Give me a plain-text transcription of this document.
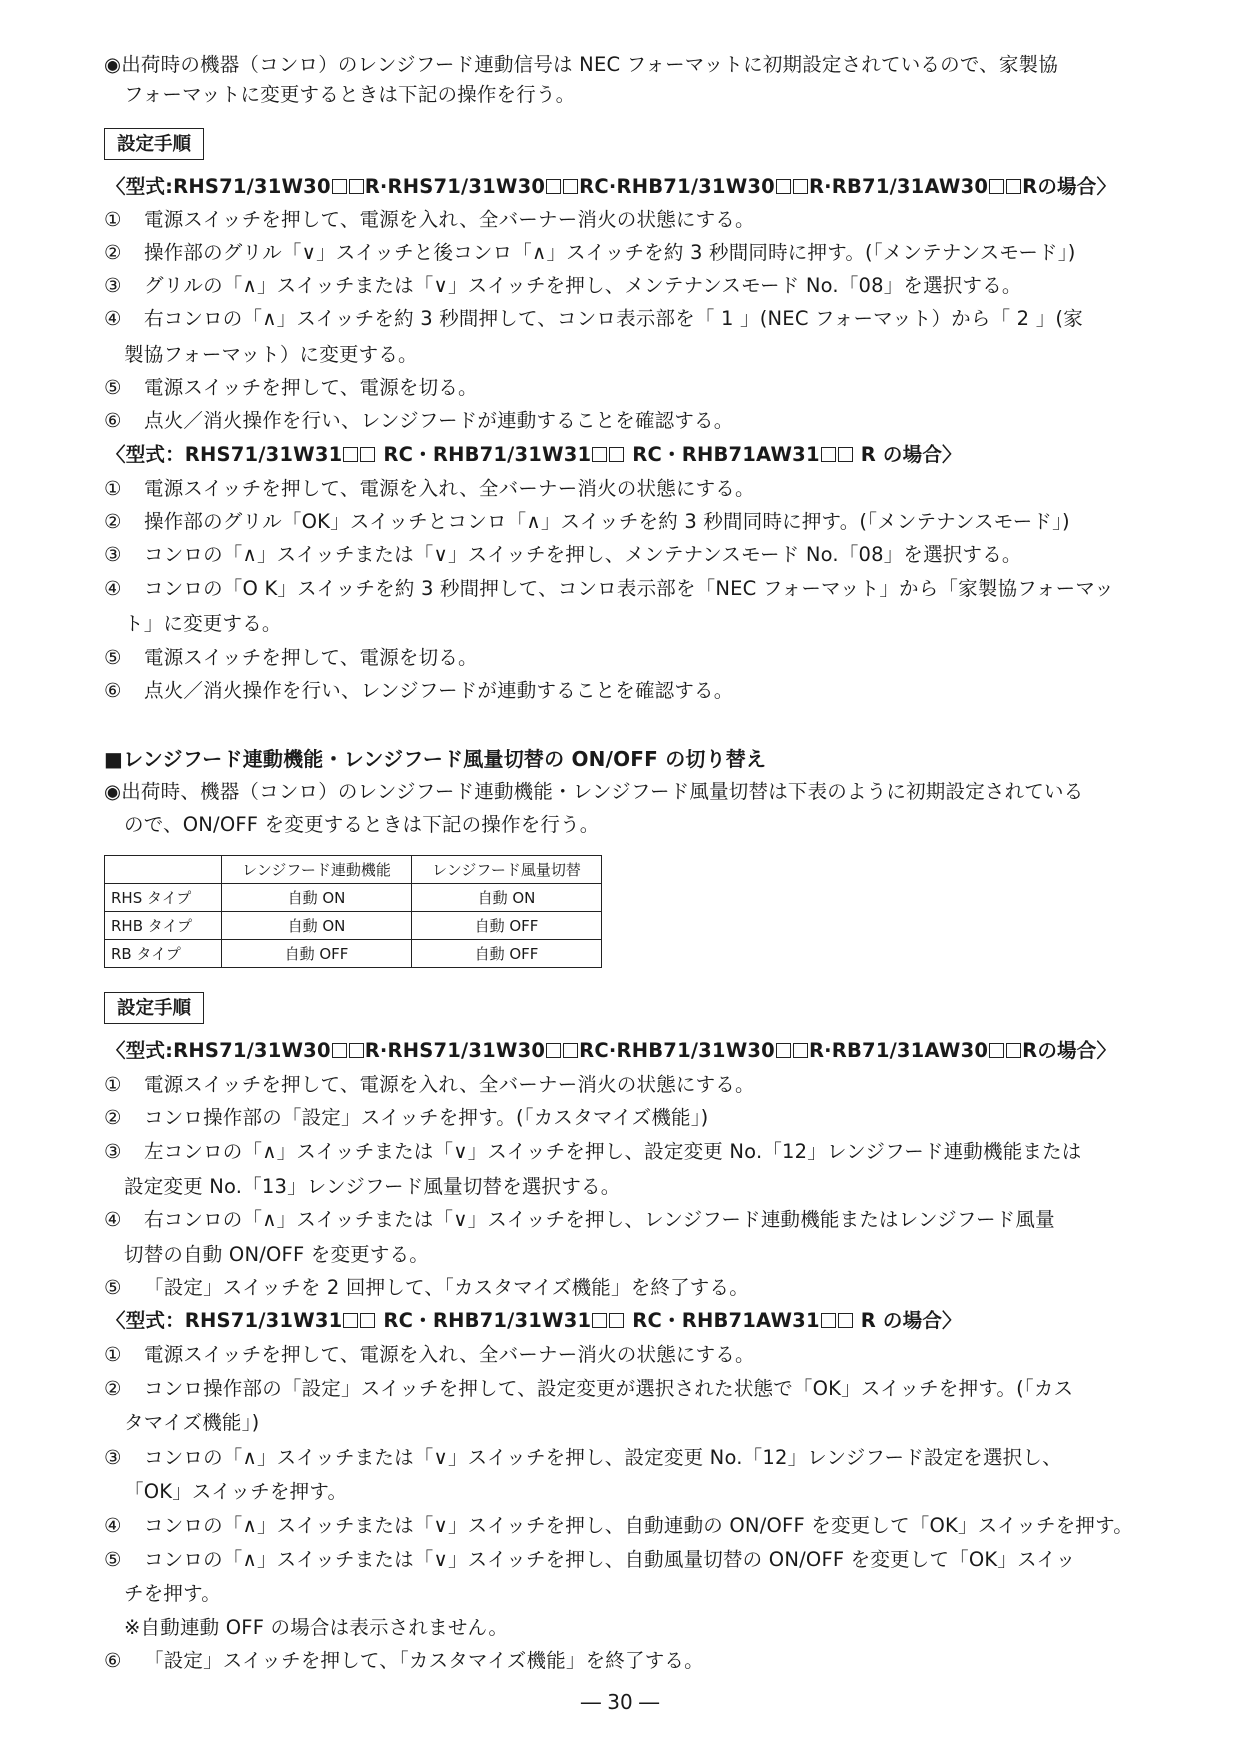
◉出荷時の機器（コンロ）のレンジフード連動信号は NEC フォーマットに初期設定されているので、家製協
フォーマットに変更するときは下記の操作を行う。
設定手順
〈型式:RHS71/31W30 R·RHS71/31W30 RC·RHB71/31W30 R·RB71/31AW30 Rの場合〉
① 電源スイッチを押して、電源を入れ、全バーナー消火の状態にする。
② 操作部のグリル「∨」スイッチと後コンロ「∧」スイッチを約 3 秒間同時に押す。(「メンテナンスモード」)
③ グリルの「∧」スイッチまたは「∨」スイッチを押し、メンテナンスモード No.「08」を選択する。
④ 右コンロの「∧」スイッチを約 3 秒間押して、コンロ表示部を「 1 」(NEC フォーマット）から「 2 」(家
製協フォーマット）に変更する。
⑤ 電源スイッチを押して、電源を切る。
⑥ 点火／消火操作を行い、レンジフードが連動することを確認する。
〈型式：RHS71/31W31 RC・RHB71/31W31 RC・RHB71AW31 R の場合〉
① 電源スイッチを押して、電源を入れ、全バーナー消火の状態にする。
② 操作部のグリル「OK」スイッチとコンロ「∧」スイッチを約 3 秒間同時に押す。(「メンテナンスモード」)
③ コンロの「∧」スイッチまたは「∨」スイッチを押し、メンテナンスモード No.「08」を選択する。
④ コンロの「O K」スイッチを約 3 秒間押して、コンロ表示部を「NEC フォーマット」から「家製協フォーマッ
ト」に変更する。
⑤ 電源スイッチを押して、電源を切る。
⑥ 点火／消火操作を行い、レンジフードが連動することを確認する。
■レンジフード連動機能・レンジフード風量切替の ON/OFF の切り替え
◉出荷時、機器（コンロ）のレンジフード連動機能・レンジフード風量切替は下表のように初期設定されている
ので、ON/OFF を変更するときは下記の操作を行う。
	レンジフード連動機能	レンジフード風量切替
RHS タイプ	自動 ON	自動 ON
RHB タイプ	自動 ON	自動 OFF
RB タイプ	自動 OFF	自動 OFF
設定手順
〈型式:RHS71/31W30 R·RHS71/31W30 RC·RHB71/31W30 R·RB71/31AW30 Rの場合〉
① 電源スイッチを押して、電源を入れ、全バーナー消火の状態にする。
② コンロ操作部の「設定」スイッチを押す。(「カスタマイズ機能」)
③ 左コンロの「∧」スイッチまたは「∨」スイッチを押し、設定変更 No.「12」レンジフード連動機能または
設定変更 No.「13」レンジフード風量切替を選択する。
④ 右コンロの「∧」スイッチまたは「∨」スイッチを押し、レンジフード連動機能またはレンジフード風量
切替の自動 ON/OFF を変更する。
⑤ 「設定」スイッチを 2 回押して、「カスタマイズ機能」を終了する。
〈型式：RHS71/31W31 RC・RHB71/31W31 RC・RHB71AW31 R の場合〉
① 電源スイッチを押して、電源を入れ、全バーナー消火の状態にする。
② コンロ操作部の「設定」スイッチを押して、設定変更が選択された状態で「OK」スイッチを押す。(「カス
タマイズ機能」)
③ コンロの「∧」スイッチまたは「∨」スイッチを押し、設定変更 No.「12」レンジフード設定を選択し、
「OK」スイッチを押す。
④ コンロの「∧」スイッチまたは「∨」スイッチを押し、自動連動の ON/OFF を変更して「OK」スイッチを押す。
⑤ コンロの「∧」スイッチまたは「∨」スイッチを押し、自動風量切替の ON/OFF を変更して「OK」スイッ
チを押す。
※自動連動 OFF の場合は表示されません。
⑥ 「設定」スイッチを押して、「カスタマイズ機能」を終了する。
― 30 ―
